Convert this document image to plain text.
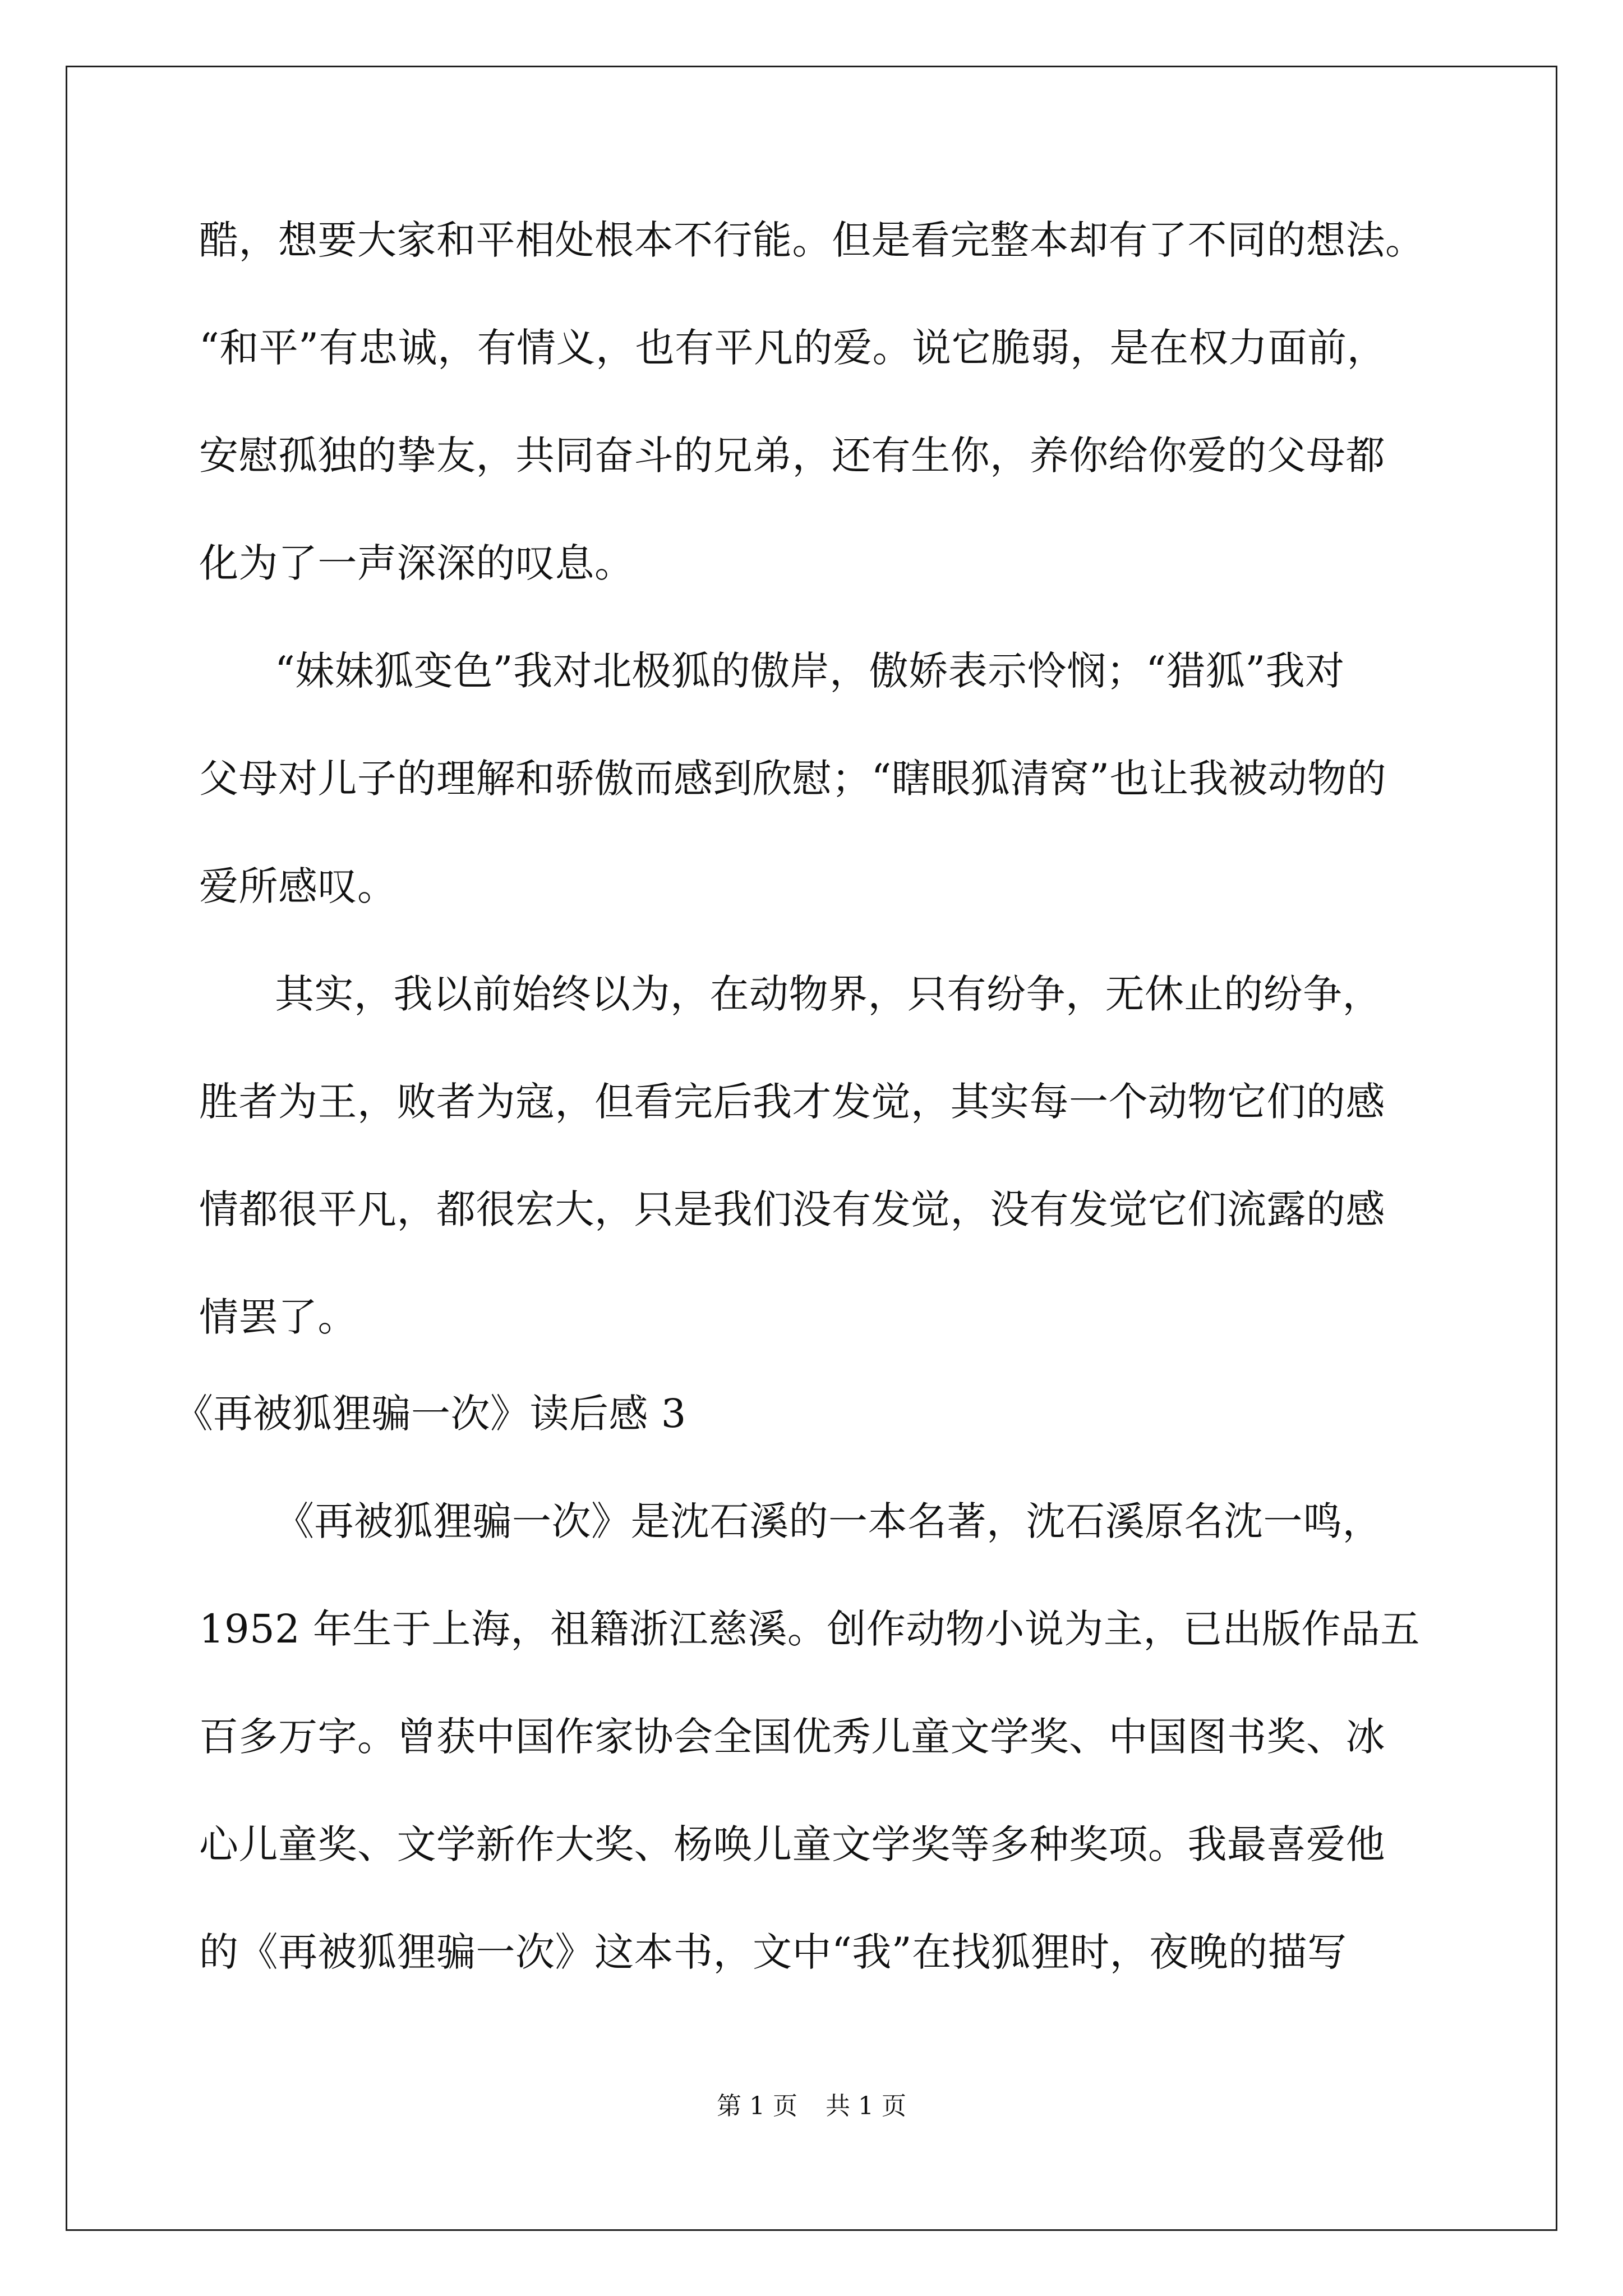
酷，想要大家和平相处根本不行能。但是看完整本却有了不同的想法。
“和平”有忠诚，有情义，也有平凡的爱。说它脆弱，是在权力面前，
安慰孤独的挚友，共同奋斗的兄弟，还有生你，养你给你爱的父母都
化为了一声深深的叹息。
“妹妹狐变色”我对北极狐的傲岸，傲娇表示怜悯；“猎狐”我对
父母对儿子的理解和骄傲而感到欣慰；“瞎眼狐清窝”也让我被动物的
爱所感叹。
其实，我以前始终以为，在动物界，只有纷争，无休止的纷争，
胜者为王，败者为寇，但看完后我才发觉，其实每一个动物它们的感
情都很平凡，都很宏大，只是我们没有发觉，没有发觉它们流露的感
情罢了。
《再被狐狸骗一次》读后感 3
《再被狐狸骗一次》是沈石溪的一本名著，沈石溪原名沈一鸣，
1952 年生于上海，祖籍浙江慈溪。创作动物小说为主，已出版作品五
百多万字。曾获中国作家协会全国优秀儿童文学奖、中国图书奖、冰
心儿童奖、文学新作大奖、杨唤儿童文学奖等多种奖项。我最喜爱他
的《再被狐狸骗一次》这本书，文中“我”在找狐狸时，夜晚的描写
第 1 页 共 1 页
